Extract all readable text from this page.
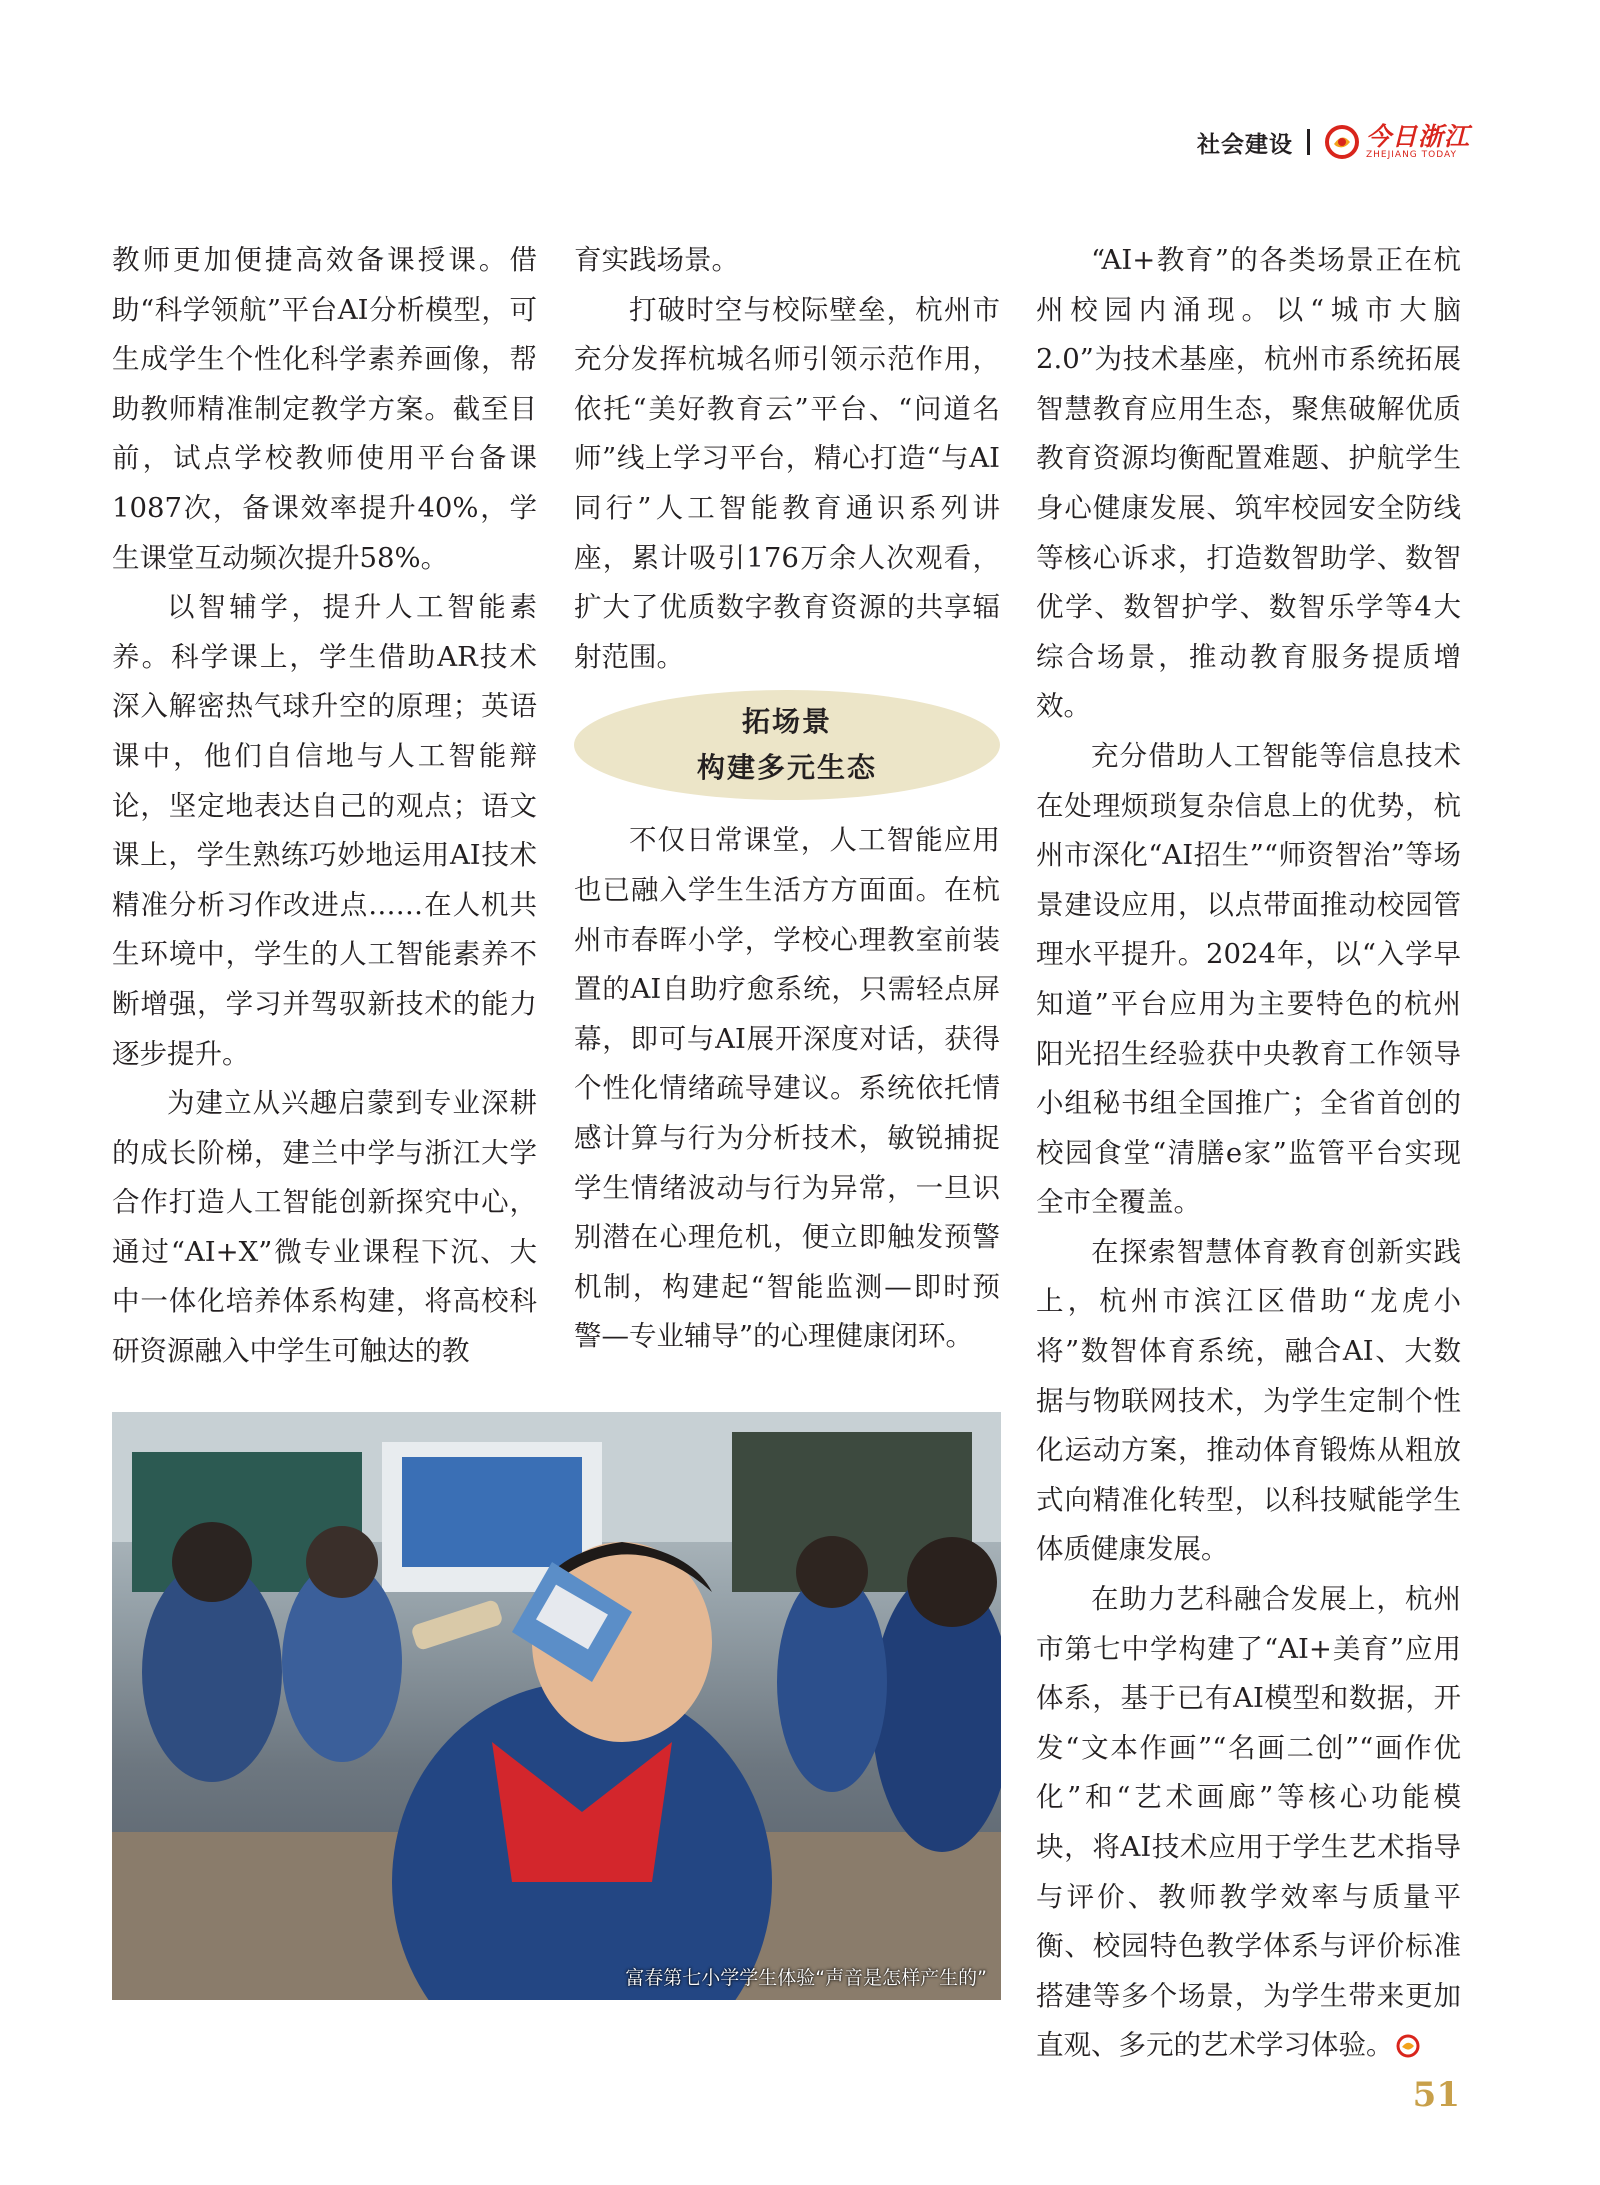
社会建设	今日浙江
ZHEJIANG TODAY

教师更加便捷高效备课授课。借助“科学领航”平台AI分析模型，可生成学生个性化科学素养画像，帮助教师精准制定教学方案。截至目前，试点学校教师使用平台备课1087次，备课效率提升40%，学生课堂互动频次提升58%。

以智辅学，提升人工智能素养。科学课上，学生借助AR技术深入解密热气球升空的原理；英语课中，他们自信地与人工智能辩论，坚定地表达自己的观点；语文课上，学生熟练巧妙地运用AI技术精准分析习作改进点……在人机共生环境中，学生的人工智能素养不断增强，学习并驾驭新技术的能力逐步提升。

为建立从兴趣启蒙到专业深耕的成长阶梯，建兰中学与浙江大学合作打造人工智能创新探究中心，通过“AI+X”微专业课程下沉、大中一体化培养体系构建，将高校科研资源融入中学生可触达的教

育实践场景。

打破时空与校际壁垒，杭州市充分发挥杭城名师引领示范作用，依托“美好教育云”平台、“问道名师”线上学习平台，精心打造“与AI同行”人工智能教育通识系列讲座，累计吸引176万余人次观看，扩大了优质数字教育资源的共享辐射范围。

不仅日常课堂，人工智能应用也已融入学生生活方方面面。在杭州市春晖小学，学校心理教室前装置的AI自助疗愈系统，只需轻点屏幕，即可与AI展开深度对话，获得个性化情绪疏导建议。系统依托情感计算与行为分析技术，敏锐捕捉学生情绪波动与行为异常，一旦识别潜在心理危机，便立即触发预警机制，构建起“智能监测—即时预警—专业辅导”的心理健康闭环。

拓场景
构建多元生态

“AI+教育”的各类场景正在杭州校园内涌现。以“城市大脑2.0”为技术基座，杭州市系统拓展智慧教育应用生态，聚焦破解优质教育资源均衡配置难题、护航学生身心健康发展、筑牢校园安全防线等核心诉求，打造数智助学、数智优学、数智护学、数智乐学等4大综合场景，推动教育服务提质增效。

充分借助人工智能等信息技术在处理烦琐复杂信息上的优势，杭州市深化“AI招生”“师资智治”等场景建设应用，以点带面推动校园管理水平提升。2024年，以“入学早知道”平台应用为主要特色的杭州阳光招生经验获中央教育工作领导小组秘书组全国推广；全省首创的校园食堂“清膳e家”监管平台实现全市全覆盖。

在探索智慧体育教育创新实践上，杭州市滨江区借助“龙虎小将”数智体育系统，融合AI、大数据与物联网技术，为学生定制个性化运动方案，推动体育锻炼从粗放式向精准化转型，以科技赋能学生体质健康发展。

在助力艺科融合发展上，杭州市第七中学构建了“AI+美育”应用体系，基于已有AI模型和数据，开发“文本作画”“名画二创”“画作优化”和“艺术画廊”等核心功能模块，将AI技术应用于学生艺术指导与评价、教师教学效率与质量平衡、校园特色教学体系与评价标准搭建等多个场景，为学生带来更加直观、多元的艺术学习体验。

富春第七小学学生体验“声音是怎样产生的”
51
